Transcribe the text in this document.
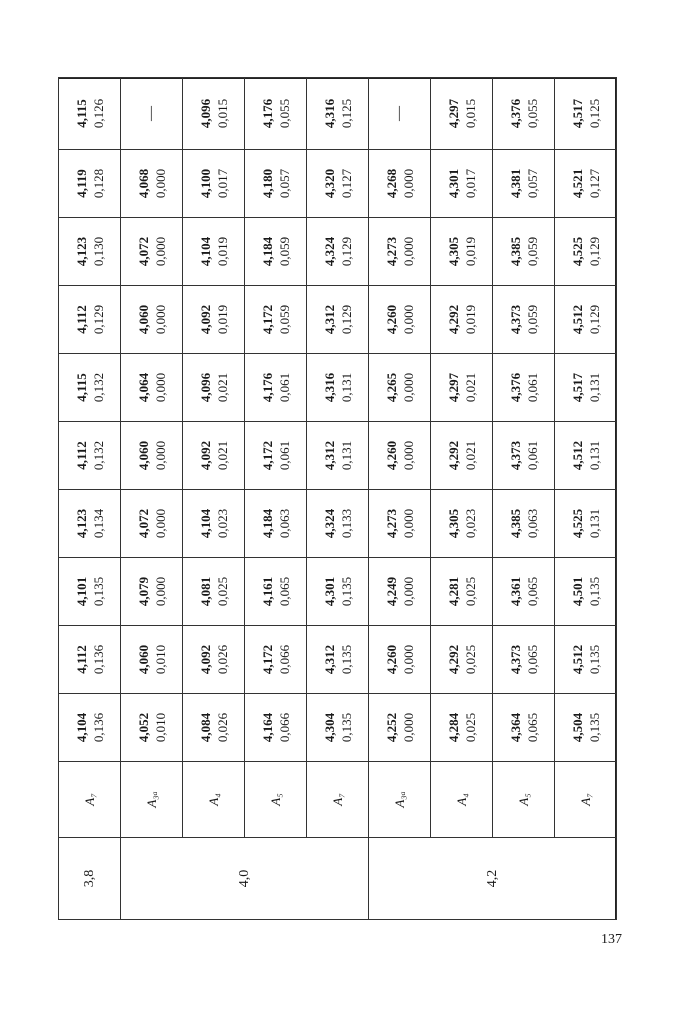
3,8	A₇	4,104 0,136	4,112 0,136	4,101 0,135	4,123 0,134	4,112 0,132	4,115 0,132	4,112 0,129	4,123 0,130	4,119 0,128	4,115 0,126

4,0	A₃ₐ	4,052 0,010	4,060 0,010	4,079 0,000	4,072 0,000	4,060 0,000	4,064 0,000	4,060 0,000	4,072 0,000	4,068 0,000	—
	A₄	4,084 0,026	4,092 0,026	4,081 0,025	4,104 0,023	4,092 0,021	4,096 0,021	4,092 0,019	4,104 0,019	4,100 0,017	4,096 0,015

	A₅	4,164 0,066	4,172 0,066	4,161 0,065	4,184 0,063	4,172 0,061	4,176 0,061	4,172 0,059	4,184 0,059	4,180 0,057	4,176 0,055

	A₇	4,304 0,135	4,312 0,135	4,301 0,135	4,324 0,133	4,312 0,131	4,316 0,131	4,312 0,129	4,324 0,129	4,320 0,127	4,316 0,125

4,2	A₃ₐ	4,252 0,000	4,260 0,000	4,249 0,000	4,273 0,000	4,260 0,000	4,265 0,000	4,260 0,000	4,273 0,000	4,268 0,000	—
	A₄	4,284 0,025	4,292 0,025	4,281 0,025	4,305 0,023	4,292 0,021	4,297 0,021	4,292 0,019	4,305 0,019	4,301 0,017	4,297 0,015

	A₅	4,364 0,065	4,373 0,065	4,361 0,065	4,385 0,063	4,373 0,061	4,376 0,061	4,373 0,059	4,385 0,059	4,381 0,057	4,376 0,055

	A₇	4,504 0,135	4,512 0,135	4,501 0,135	4,525 0,131	4,512 0,131	4,517 0,131	4,512 0,129	4,525 0,129	4,521 0,127	4,517 0,125
137
